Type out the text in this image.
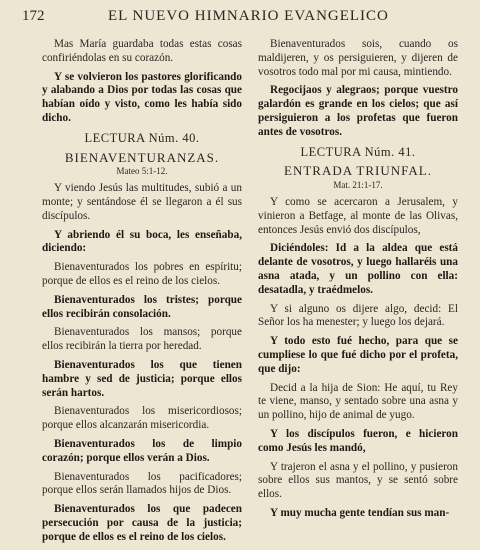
172	EL NUEVO HIMNARIO EVANGELICO

Mas María guardaba todas estas cosas confiriéndolas en su corazón.

Y se volvieron los pastores glorificando y alabando a Dios por todas las cosas que habían oído y visto, como les había sido dicho.

LECTURA Núm. 40.

BIENAVENTURANZAS.

Mateo 5:1-12.

Y viendo Jesús las multitudes, subió a un monte; y sentándose él se llegaron a él sus discípulos.

Y abriendo él su boca, les enseñaba, diciendo:

Bienaventurados los pobres en espíritu; porque de ellos es el reino de los cielos.

Bienaventurados los tristes; porque ellos recibirán consolación.

Bienaventurados los mansos; porque ellos recibirán la tierra por heredad.

Bienaventurados los que tienen hambre y sed de justicia; porque ellos serán hartos.

Bienaventurados los misericordiosos; porque ellos alcanzarán misericordia.

Bienaventurados los de limpio corazón; porque ellos verán a Dios.

Bienaventurados los pacificadores; porque ellos serán llamados hijos de Dios.

Bienaventurados los que padecen persecución por causa de la justicia; porque de ellos es el reino de los cielos.

Bienaventurados sois, cuando os maldijeren, y os persiguieren, y dijeren de vosotros todo mal por mi causa, mintiendo.

Regocijaos y alegraos; porque vuestro galardón es grande en los cielos; que así persiguieron a los profetas que fueron antes de vosotros.

LECTURA Núm. 41.

ENTRADA TRIUNFAL.

Mat. 21:1-17.

Y como se acercaron a Jerusalem, y vinieron a Betfage, al monte de las Olivas, entonces Jesús envió dos discípulos,

Diciéndoles: Id a la aldea que está delante de vosotros, y luego hallaréis una asna atada, y un pollino con ella: desatadla, y traédmelos.

Y si alguno os dijere algo, decid: El Señor los ha menester; y luego los dejará.

Y todo esto fué hecho, para que se cumpliese lo que fué dicho por el profeta, que dijo:

Decid a la hija de Sion: He aquí, tu Rey te viene, manso, y sentado sobre una asna y un pollino, hijo de animal de yugo.

Y los discípulos fueron, e hicieron como Jesús les mandó,

Y trajeron el asna y el pollino, y pusieron sobre ellos sus mantos, y se sentó sobre ellos.

Y muy mucha gente tendían sus man-
